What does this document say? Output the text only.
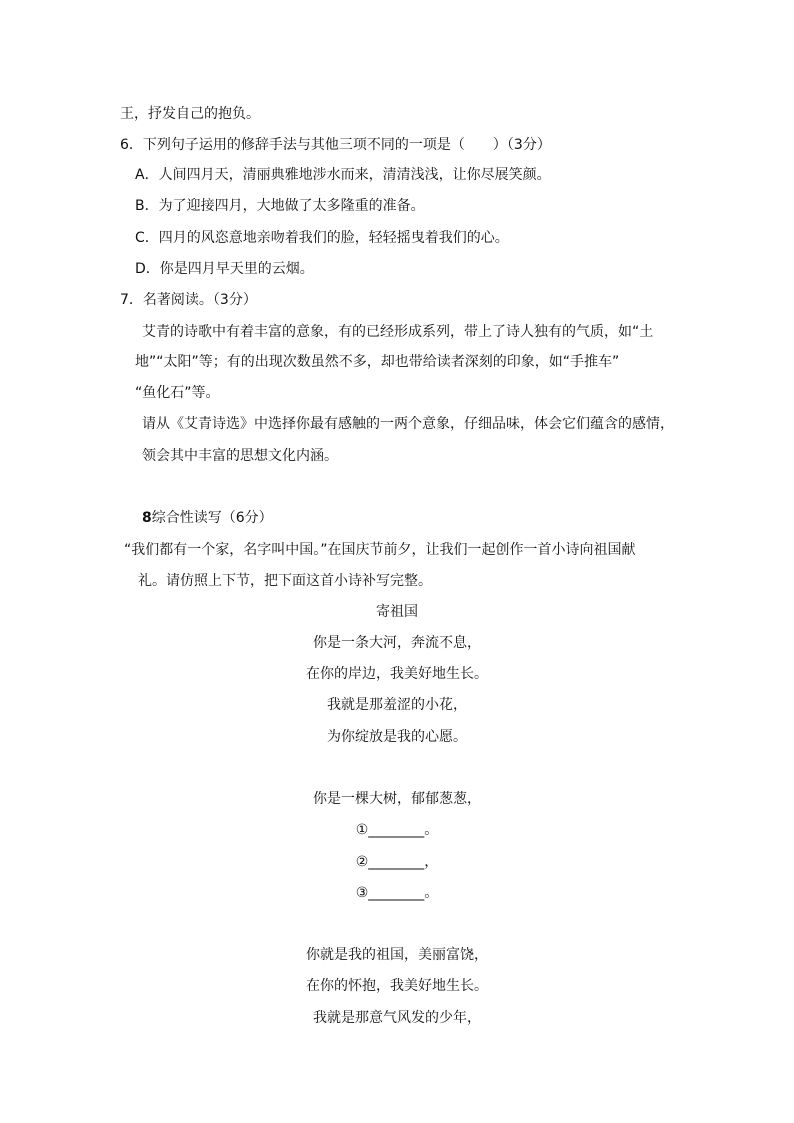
王，抒发自己的抱负。
6．下列句子运用的修辞手法与其他三项不同的一项是（　　）（3分）
A．人间四月天，清丽典雅地涉水而来，清清浅浅，让你尽展笑颜。
B．为了迎接四月，大地做了太多隆重的准备。
C．四月的风恣意地亲吻着我们的脸，轻轻摇曳着我们的心。
D．你是四月早天里的云烟。
7．名著阅读。（3分）
艾青的诗歌中有着丰富的意象，有的已经形成系列，带上了诗人独有的气质，如“土
地”“太阳”等；有的出现次数虽然不多，却也带给读者深刻的印象，如“手推车”
“鱼化石”等。
请从《艾青诗选》中选择你最有感触的一两个意象，仔细品味，体会它们蕴含的感情，
领会其中丰富的思想文化内涵。
8综合性读写（6分）
“我们都有一个家，名字叫中国。”在国庆节前夕，让我们一起创作一首小诗向祖国献
礼。请仿照上下节，把下面这首小诗补写完整。
寄祖国
你是一条大河，奔流不息，
在你的岸边，我美好地生长。
我就是那羞涩的小花，
为你绽放是我的心愿。
你是一棵大树，郁郁葱葱，
①________。
②________，
③________。
你就是我的祖国，美丽富饶，
在你的怀抱，我美好地生长。
我就是那意气风发的少年，
